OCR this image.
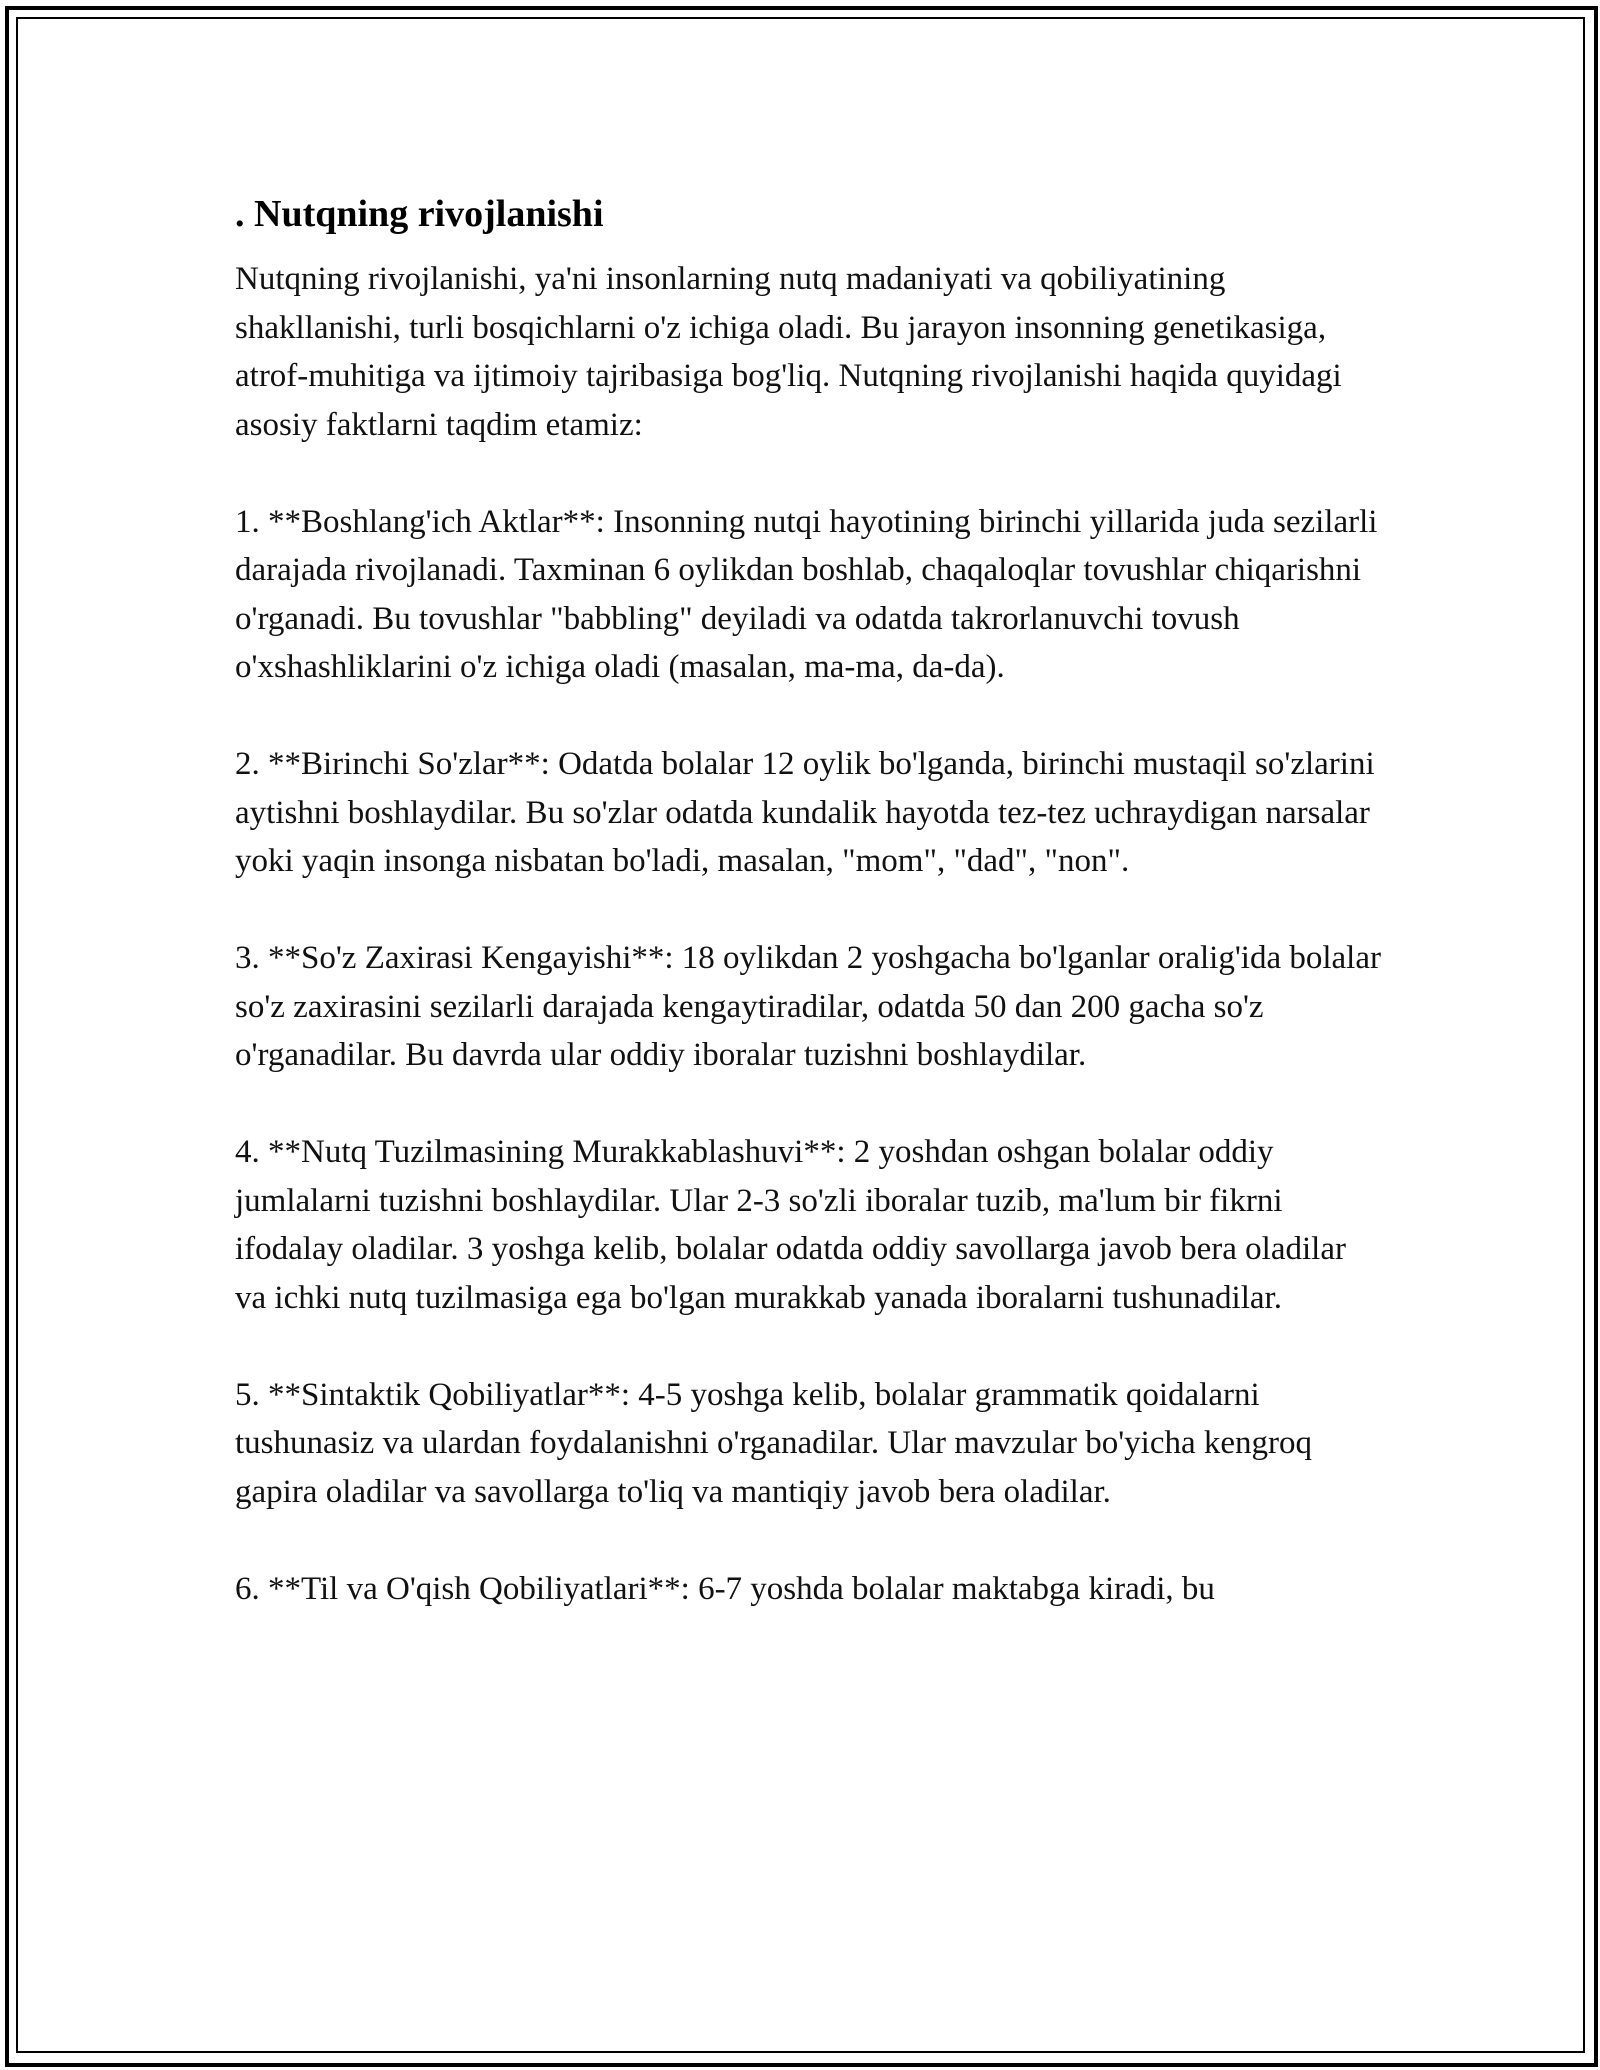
. Nutqning rivojlanishi

Nutqning rivojlanishi, ya'ni insonlarning nutq madaniyati va qobiliyatining shakllanishi, turli bosqichlarni o'z ichiga oladi. Bu jarayon insonning genetikasiga, atrof-muhitiga va ijtimoiy tajribasiga bog'liq. Nutqning rivojlanishi haqida quyidagi asosiy faktlarni taqdim etamiz:

1. **Boshlang'ich Aktlar**: Insonning nutqi hayotining birinchi yillarida juda sezilarli darajada rivojlanadi. Taxminan 6 oylikdan boshlab, chaqaloqlar tovushlar chiqarishni o'rganadi. Bu tovushlar "babbling" deyiladi va odatda takrorlanuvchi tovush o'xshashliklarini o'z ichiga oladi (masalan, ma-ma, da-da).

2. **Birinchi So'zlar**: Odatda bolalar 12 oylik bo'lganda, birinchi mustaqil so'zlarini aytishni boshlaydilar. Bu so'zlar odatda kundalik hayotda tez-tez uchraydigan narsalar yoki yaqin insonga nisbatan bo'ladi, masalan, "mom", "dad", "non".

3. **So'z Zaxirasi Kengayishi**: 18 oylikdan 2 yoshgacha bo'lganlar oralig'ida bolalar so'z zaxirasini sezilarli darajada kengaytiradilar, odatda 50 dan 200 gacha so'z o'rganadilar. Bu davrda ular oddiy iboralar tuzishni boshlaydilar.

4. **Nutq Tuzilmasining Murakkablashuvi**: 2 yoshdan oshgan bolalar oddiy jumlalarni tuzishni boshlaydilar. Ular 2-3 so'zli iboralar tuzib, ma'lum bir fikrni ifodalay oladilar. 3 yoshga kelib, bolalar odatda oddiy savollarga javob bera oladilar va ichki nutq tuzilmasiga ega bo'lgan murakkab yanada iboralarni tushunadilar.

5. **Sintaktik Qobiliyatlar**: 4-5 yoshga kelib, bolalar grammatik qoidalarni tushunasiz va ulardan foydalanishni o'rganadilar. Ular mavzular bo'yicha kengroq gapira oladilar va savollarga to'liq va mantiqiy javob bera oladilar.

6. **Til va O'qish Qobiliyatlari**: 6-7 yoshda bolalar maktabga kiradi, bu
